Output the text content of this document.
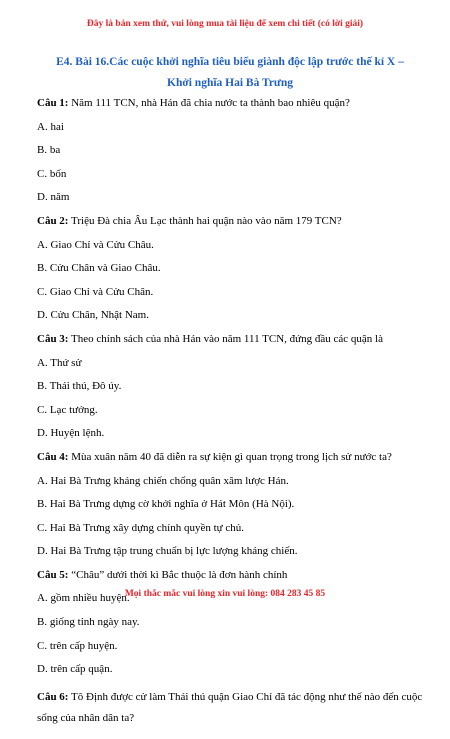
Đây là bản xem thử, vui lòng mua tài liệu để xem chi tiết (có lời giải)
E4. Bài 16.Các cuộc khởi nghĩa tiêu biểu giành độc lập trước thế kỉ X –
Khởi nghĩa Hai Bà Trưng
Câu 1: Năm 111 TCN, nhà Hán đã chia nước ta thành bao nhiêu quận?
A. hai
B. ba
C. bốn
D. năm
Câu 2: Triệu Đà chia Âu Lạc thành hai quận nào vào năm 179 TCN?
A. Giao Chỉ và Cửu Châu.
B. Cửu Chân và Giao Châu.
C. Giao Chỉ và Cửu Chân.
D. Cửu Chân, Nhật Nam.
Câu 3: Theo chính sách của nhà Hán vào năm 111 TCN, đứng đầu các quận là
A. Thứ sử
B. Thái thú, Đô úy.
C. Lạc tướng.
D. Huyện lệnh.
Câu 4: Mùa xuân năm 40 đã diễn ra sự kiện gì quan trọng trong lịch sử nước ta?
A. Hai Bà Trưng kháng chiến chống quân xâm lược Hán.
B. Hai Bà Trưng dựng cờ khởi nghĩa ở Hát Môn (Hà Nội).
C. Hai Bà Trưng xây dựng chính quyền tự chủ.
D. Hai Bà Trưng tập trung chuẩn bị lực lượng kháng chiến.
Câu 5: “Châu” dưới thời kì Bắc thuộc là đơn hành chính
A. gồm nhiều huyện.
B. giống tỉnh ngày nay.
C. trên cấp huyện.
D. trên cấp quận.
Câu 6: Tô Định được cử làm Thái thú quận Giao Chỉ đã tác động như thế nào đến cuộc sống của nhân dân ta?
Mọi thắc mắc vui lòng xin vui lòng: 084 283 45 85
